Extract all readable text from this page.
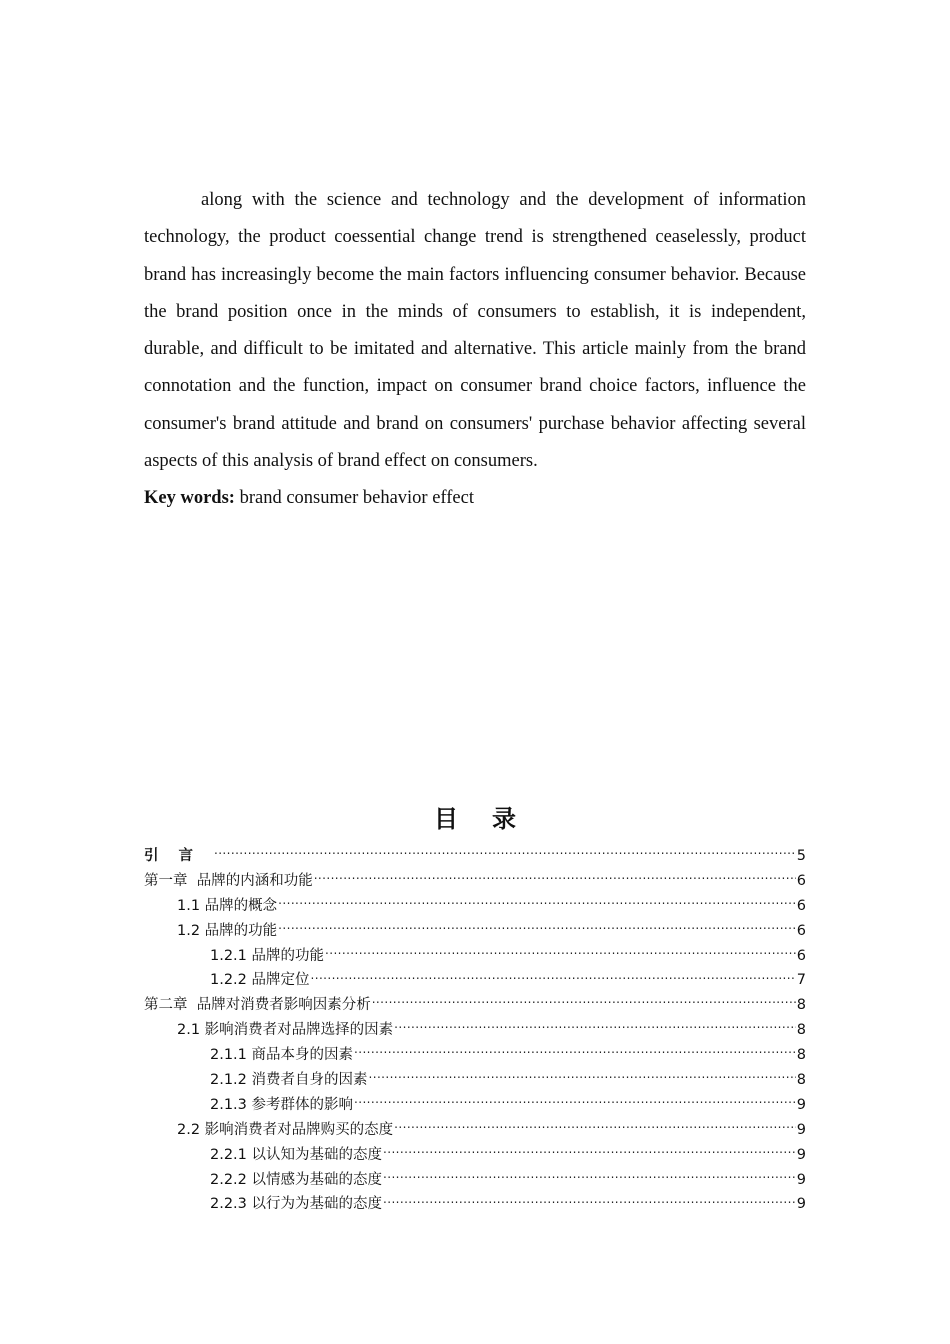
along with the science and technology and the development of information technology, the product coessential change trend is strengthened ceaselessly, product brand has increasingly become the main factors influencing consumer behavior. Because the brand position once in the minds of consumers to establish, it is independent, durable, and difficult to be imitated and alternative. This article mainly from the brand connotation and the function, impact on consumer brand choice factors, influence the consumer's brand attitude and brand on consumers' purchase behavior affecting several aspects of this analysis of brand effect on consumers.

Key words: brand consumer behavior effect
目录
引言 .....	5
第一章  品牌的内涵和功能 .....	6
1.1 品牌的概念 .....	6
1.2 品牌的功能 .....	6
1.2.1 品牌的功能 .....	6
1.2.2 品牌定位 .....	7
第二章  品牌对消费者影响因素分析 .....	8
2.1 影响消费者对品牌选择的因素 .....	8
2.1.1 商品本身的因素 .....	8
2.1.2 消费者自身的因素 .....	8
2.1.3 参考群体的影响 .....	9
2.2 影响消费者对品牌购买的态度 .....	9
2.2.1 以认知为基础的态度 .....	9
2.2.2 以情感为基础的态度 .....	9
2.2.3 以行为为基础的态度 .....	9
